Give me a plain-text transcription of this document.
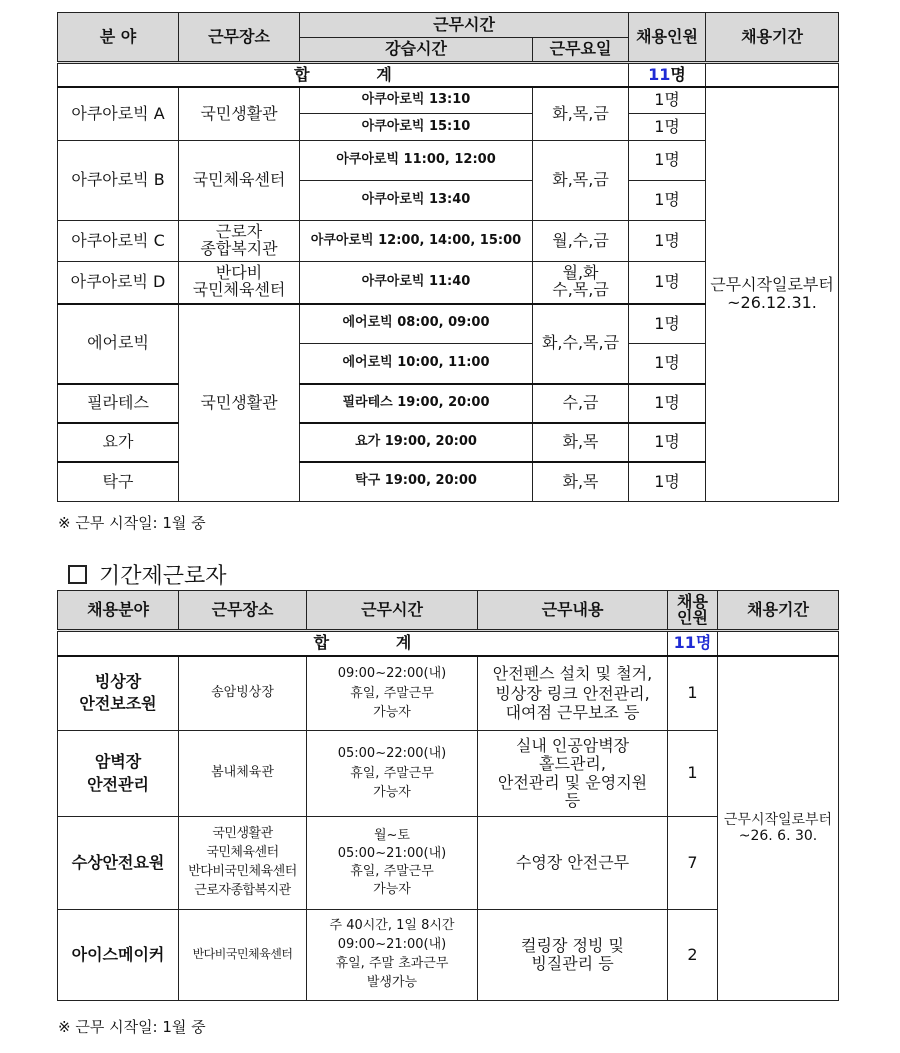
분 야	근무장소	근무시간		채용인원	채용기간
		강습시간	근무요일		
합            계				11명	
아쿠아로빅 A	국민생활관	아쿠아로빅 13:10	화,목,금	1명	근무시작일로부터
~26.12.31.
		아쿠아로빅 15:10		1명	
아쿠아로빅 B	국민체육센터	아쿠아로빅 11:00, 12:00	화,목,금	1명	
		아쿠아로빅 13:40		1명	
아쿠아로빅 C	근로자
종합복지관	아쿠아로빅 12:00, 14:00, 15:00	월,수,금	1명	
아쿠아로빅 D	반다비
국민체육센터	아쿠아로빅 11:40	월,화
수,목,금	1명	
에어로빅	국민생활관	에어로빅 08:00, 09:00	화,수,목,금	1명	
		에어로빅 10:00, 11:00		1명	
필라테스		필라테스 19:00, 20:00	수,금	1명	
요가		요가 19:00, 20:00	화,목	1명	
탁구		탁구 19:00, 20:00	화,목	1명	
※ 근무 시작일: 1월 중
기간제근로자
채용분야	근무장소	근무시간	근무내용	채용
인원	채용기간
합            계				11명	
빙상장
안전보조원	송암빙상장	09:00~22:00(내)
휴일, 주말근무
가능자	안전펜스 설치 및 철거,
빙상장 링크 안전관리,
대여점 근무보조 등	1	근무시작일로부터
~26. 6. 30.
암벽장
안전관리	봄내체육관	05:00~22:00(내)
휴일, 주말근무
가능자	실내 인공암벽장
홀드관리,
안전관리 및 운영지원
등	1	
수상안전요원	국민생활관
국민체육센터
반다비국민체육센터
근로자종합복지관	월~토
05:00~21:00(내)
휴일, 주말근무
가능자	수영장 안전근무	7	
아이스메이커	반다비국민체육센터	주 40시간, 1일 8시간
09:00~21:00(내)
휴일, 주말 초과근무
발생가능	컬링장 정빙 및
빙질관리 등	2	
※ 근무 시작일: 1월 중
